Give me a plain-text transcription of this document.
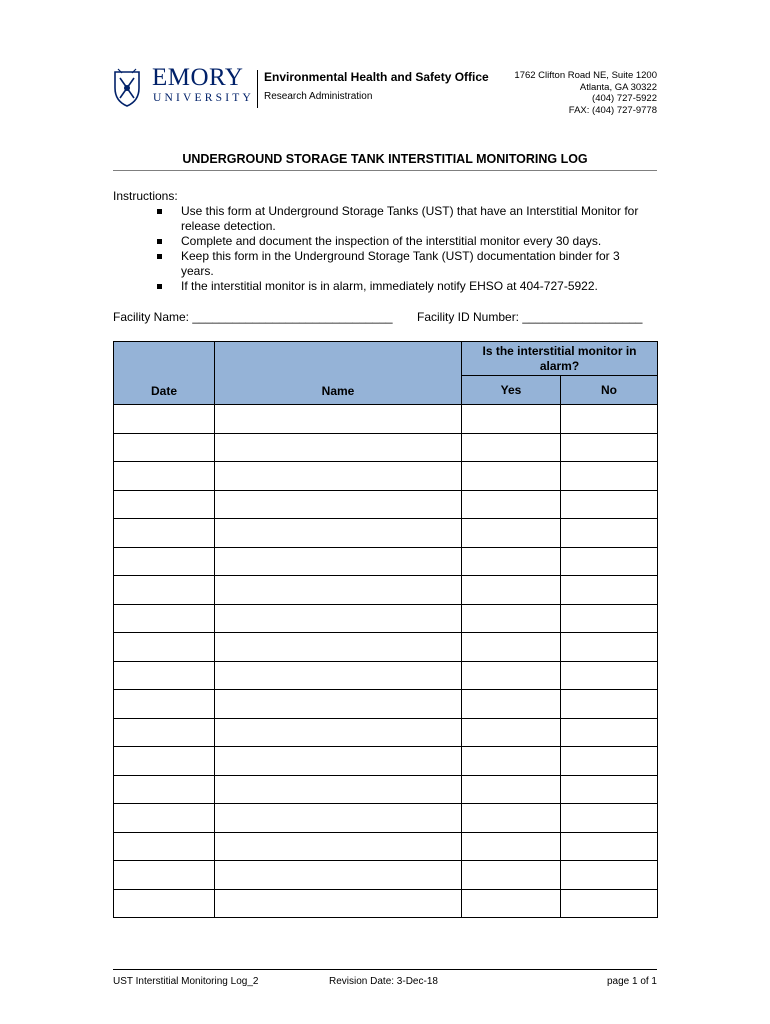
EMORY
UNIVERSITY
Environmental Health and Safety Office
Research Administration
1762 Clifton Road NE, Suite 1200
Atlanta, GA 30322
(404) 727-5922
FAX: (404) 727-9778
UNDERGROUND STORAGE TANK INTERSTITIAL MONITORING LOG
Instructions:
Use this form at Underground Storage Tanks (UST) that have an Interstitial Monitor for release detection.
Complete and document the inspection of the interstitial monitor every 30 days.
Keep this form in the Underground Storage Tank (UST) documentation binder for 3 years.
If the interstitial monitor is in alarm, immediately notify EHSO at 404-727-5922.
Facility Name: ______________________________ Facility ID Number: __________________
Date	Name	Is the interstitial monitor in alarm?	
		Yes	No

UST Interstitial Monitoring Log_2	Revision Date: 3-Dec-18	page 1 of 1
